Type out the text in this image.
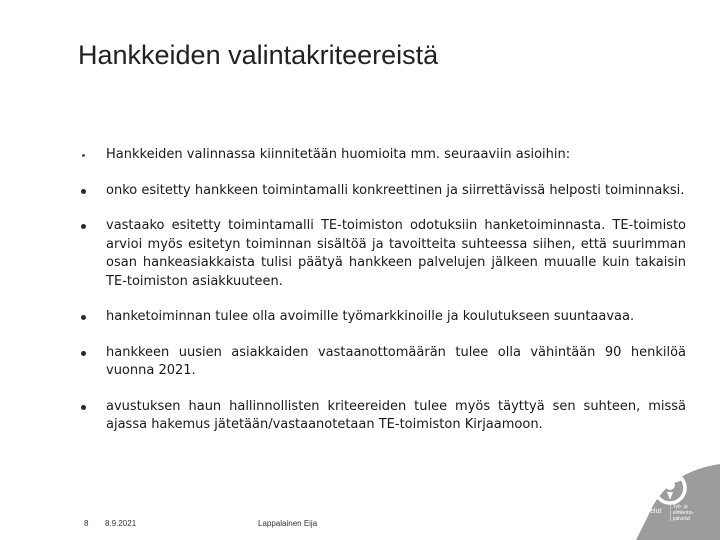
Hankkeiden valintakriteereistä
Hankkeiden valinnassa kiinnitetään huomioita mm. seuraaviin asioihin:
onko esitetty hankkeen toimintamalli konkreettinen ja siirrettävissä helposti toiminnaksi.
vastaako esitetty toimintamalli TE-toimiston odotuksiin hanketoiminnasta. TE-toimisto arvioi myös esitetyn toiminnan sisältöä ja tavoitteita suhteessa siihen, että suurimman osan hankeasiakkaista tulisi päätyä hankkeen palvelujen jälkeen muualle kuin takaisin TE-toimiston asiakkuuteen.
hanketoiminnan tulee olla avoimille työmarkkinoille ja koulutukseen suuntaavaa.
hankkeen uusien asiakkaiden vastaanottomäärän tulee olla vähintään 90 henkilöä vuonna 2021.
avustuksen haun hallinnollisten kriteereiden tulee myös täyttyä sen suhteen, missä ajassa hakemus jätetään/vastaanotetaan TE-toimiston Kirjaamoon.
8 8.9.2021	Lappalainen Eija
TE-palvelut
| Työ- ja
| elinkeino-
| palvelut
